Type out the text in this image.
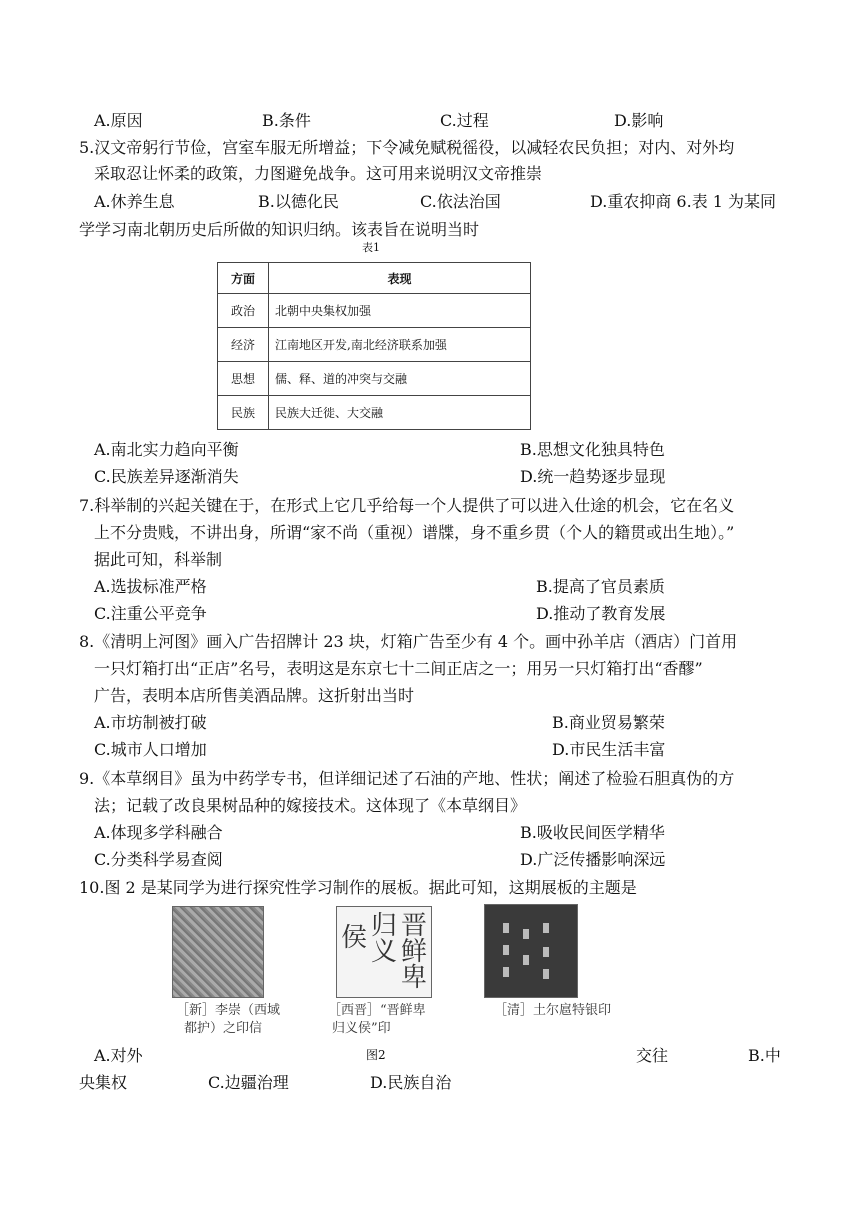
A.原因	B.条件	C.过程	D.影响
5.汉文帝躬行节俭，宫室车服无所增益；下令减免赋税徭役，以减轻农民负担；对内、对外均
采取忍让怀柔的政策，力图避免战争。这可用来说明汉文帝推崇
A.休养生息	B.以德化民	C.依法治国	D.重农抑商 6.表 1 为某同
学学习南北朝历史后所做的知识归纳。该表旨在说明当时
表1
方面	表现
政治	北朝中央集权加强
经济	江南地区开发,南北经济联系加强
思想	儒、释、道的冲突与交融
民族	民族大迁徙、大交融
A.南北实力趋向平衡	B.思想文化独具特色
C.民族差异逐渐消失	D.统一趋势逐步显现
7.科举制的兴起关键在于，在形式上它几乎给每一个人提供了可以进入仕途的机会，它在名义
上不分贵贱，不讲出身，所谓“家不尚（重视）谱牒，身不重乡贯（个人的籍贯或出生地）。”
据此可知，科举制
A.选拔标准严格	B.提高了官员素质
C.注重公平竞争	D.推动了教育发展
8.《清明上河图》画入广告招牌计 23 块，灯箱广告至少有 4 个。画中孙羊店（酒店）门首用
一只灯箱打出“正店”名号，表明这是东京七十二间正店之一；用另一只灯箱打出“香醪”
广告，表明本店所售美酒品牌。这折射出当时
A.市坊制被打破	B.商业贸易繁荣
C.城市人口增加	D.市民生活丰富
9.《本草纲目》虽为中药学专书，但详细记述了石油的产地、性状；阐述了检验石胆真伪的方
法；记载了改良果树品种的嫁接技术。这体现了《本草纲目》
A.体现多学科融合	B.吸收民间医学精华
C.分类科学易查阅	D.广泛传播影响深远
10.图 2 是某同学为进行探究性学习制作的展板。据此可知，这期展板的主题是
［新］李崇（西域
都护）之印信
晋
鲜
卑
归
义
侯
［西晋］“晋鲜卑
归义侯”印
［清］土尔扈特银印
图2
A.对外	交往	B.中
央集权	C.边疆治理	D.民族自治
